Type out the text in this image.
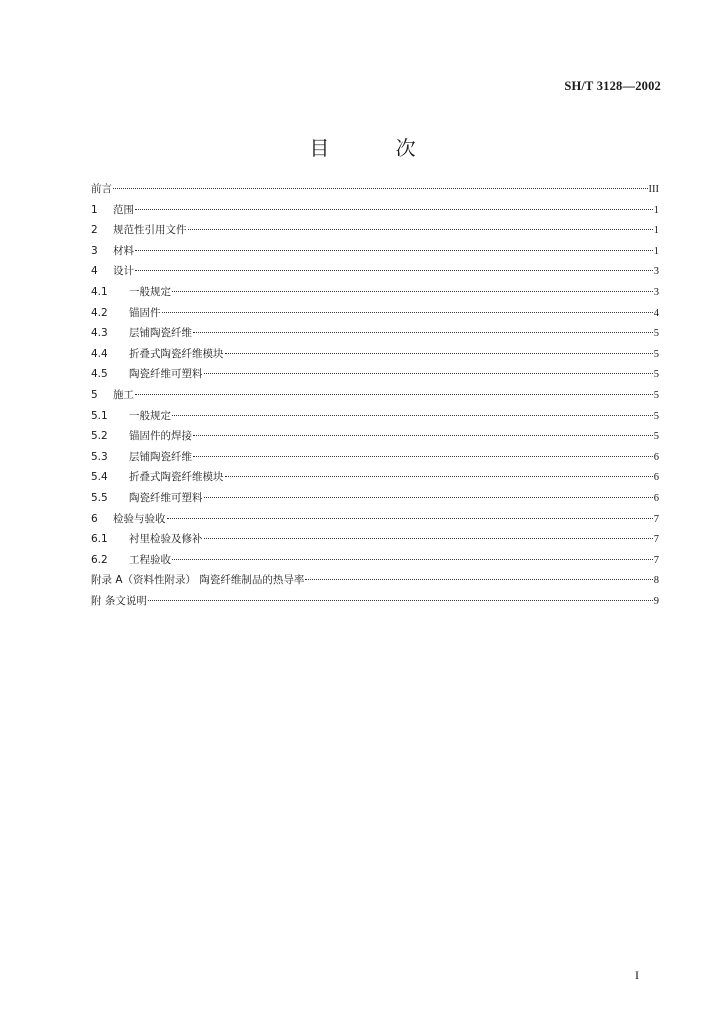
SH/T 3128—2002
目 次
前言	III
1	范围	1
2	规范性引用文件	1
3	材料	1
4	设计	3
4.1	一般规定	3
4.2	锚固件	4
4.3	层铺陶瓷纤维	5
4.4	折叠式陶瓷纤维模块	5
4.5	陶瓷纤维可塑料	5
5	施工	5
5.1	一般规定	5
5.2	锚固件的焊接	5
5.3	层铺陶瓷纤维	6
5.4	折叠式陶瓷纤维模块	6
5.5	陶瓷纤维可塑料	6
6	检验与验收	7
6.1	衬里检验及修补	7
6.2	工程验收	7
附录 A（资料性附录） 陶瓷纤维制品的热导率	8
附 条文说明	9
I
